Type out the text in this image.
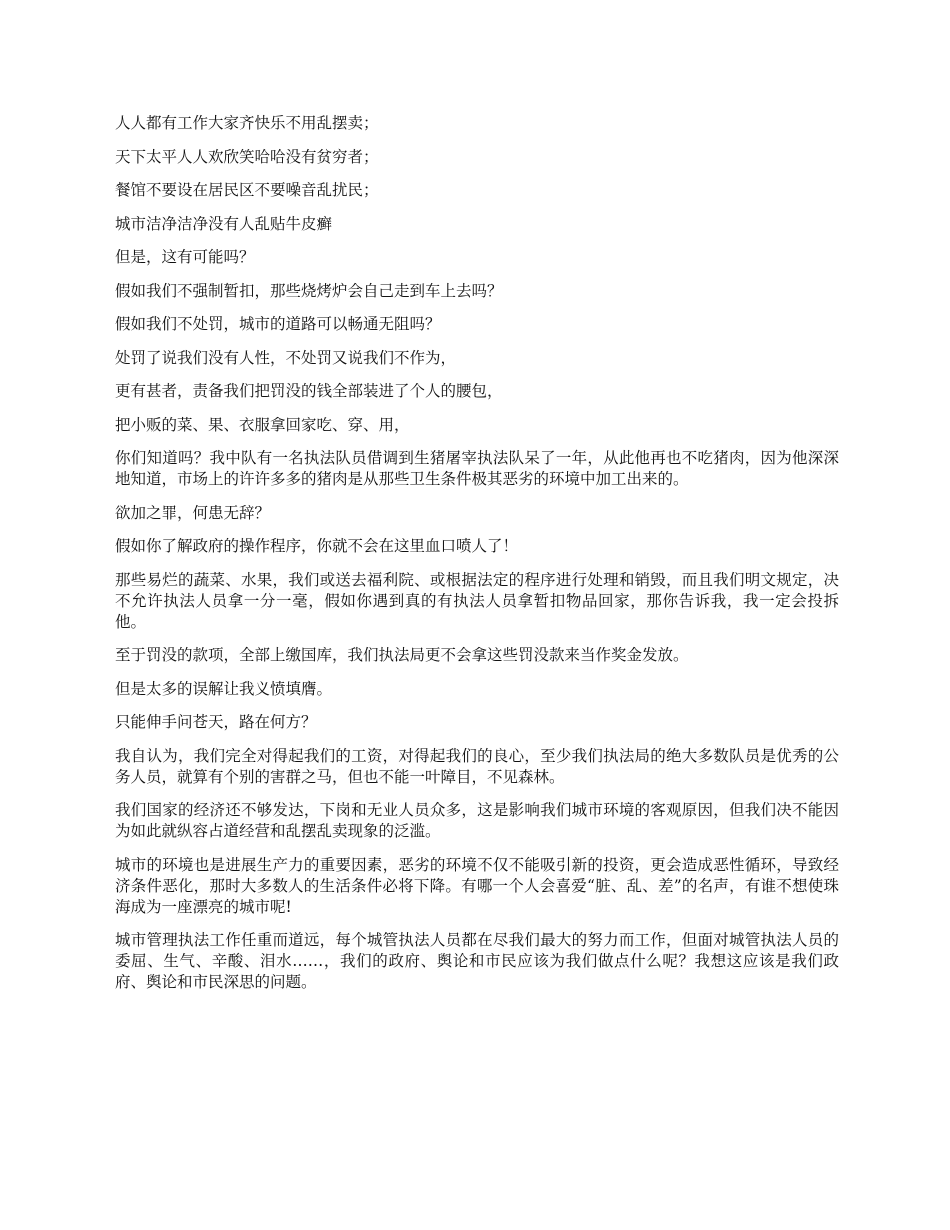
人人都有工作大家齐快乐不用乱摆卖；

天下太平人人欢欣笑哈哈没有贫穷者；

餐馆不要设在居民区不要噪音乱扰民；

城市洁净洁净没有人乱贴牛皮癣

但是，这有可能吗？

假如我们不强制暂扣，那些烧烤炉会自己走到车上去吗？

假如我们不处罚，城市的道路可以畅通无阻吗？

处罚了说我们没有人性，不处罚又说我们不作为，

更有甚者，责备我们把罚没的钱全部装进了个人的腰包，

把小贩的菜、果、衣服拿回家吃、穿、用，

你们知道吗？我中队有一名执法队员借调到生猪屠宰执法队呆了一年，从此他再也不吃猪肉，因为他深深地知道，市场上的许许多多的猪肉是从那些卫生条件极其恶劣的环境中加工出来的。

欲加之罪，何患无辞？

假如你了解政府的操作程序，你就不会在这里血口喷人了！

那些易烂的蔬菜、水果，我们或送去福利院、或根据法定的程序进行处理和销毁，而且我们明文规定，决不允许执法人员拿一分一毫，假如你遇到真的有执法人员拿暂扣物品回家，那你告诉我，我一定会投拆他。

至于罚没的款项，全部上缴国库，我们执法局更不会拿这些罚没款来当作奖金发放。

但是太多的误解让我义愤填膺。

只能伸手问苍天，路在何方？

我自认为，我们完全对得起我们的工资，对得起我们的良心，至少我们执法局的绝大多数队员是优秀的公务人员，就算有个别的害群之马，但也不能一叶障目，不见森林。

我们国家的经济还不够发达，下岗和无业人员众多，这是影响我们城市环境的客观原因，但我们决不能因为如此就纵容占道经营和乱摆乱卖现象的泛滥。

城市的环境也是进展生产力的重要因素，恶劣的环境不仅不能吸引新的投资，更会造成恶性循环，导致经济条件恶化，那时大多数人的生活条件必将下降。有哪一个人会喜爱“脏、乱、差”的名声，有谁不想使珠海成为一座漂亮的城市呢!

城市管理执法工作任重而道远，每个城管执法人员都在尽我们最大的努力而工作，但面对城管执法人员的委屈、生气、辛酸、泪水……，我们的政府、舆论和市民应该为我们做点什么呢？我想这应该是我们政府、舆论和市民深思的问题。
